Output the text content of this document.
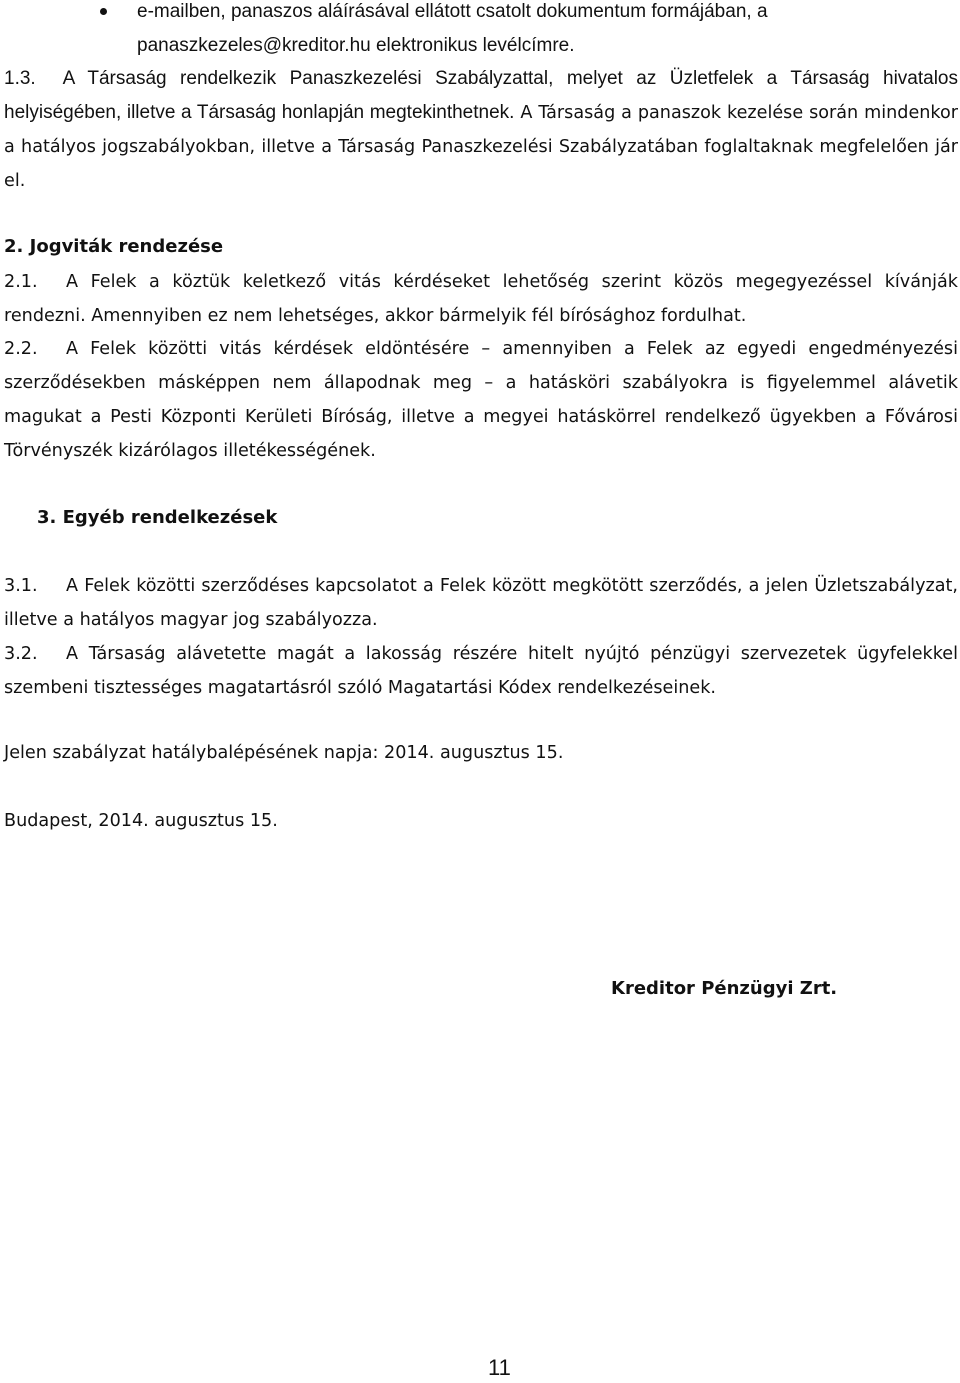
e-mailben, panaszos aláírásával ellátott csatolt dokumentum formájában, a
panaszkezeles@kreditor.hu elektronikus levélcímre.
1.3. A Társaság rendelkezik Panaszkezelési Szabályzattal, melyet az Üzletfelek a Társaság hivatalos helyiségében, illetve a Társaság honlapján megtekinthetnek. A Társaság a panaszok kezelése során mindenkor a hatályos jogszabályokban, illetve a Társaság Panaszkezelési Szabályzatában foglaltaknak megfelelően jár el.
2. Jogviták rendezése
2.1. A Felek a köztük keletkező vitás kérdéseket lehetőség szerint közös megegyezéssel kívánják rendezni. Amennyiben ez nem lehetséges, akkor bármelyik fél bírósághoz fordulhat.
2.2. A Felek közötti vitás kérdések eldöntésére – amennyiben a Felek az egyedi engedményezési szerződésekben másképpen nem állapodnak meg – a hatásköri szabályokra is figyelemmel alávetik magukat a Pesti Központi Kerületi Bíróság, illetve a megyei hatáskörrel rendelkező ügyekben a Fővárosi Törvényszék kizárólagos illetékességének.
3. Egyéb rendelkezések
3.1. A Felek közötti szerződéses kapcsolatot a Felek között megkötött szerződés, a jelen Üzletszabályzat, illetve a hatályos magyar jog szabályozza.
3.2. A Társaság alávetette magát a lakosság részére hitelt nyújtó pénzügyi szervezetek ügyfelekkel szembeni tisztességes magatartásról szóló Magatartási Kódex rendelkezéseinek.
Jelen szabályzat hatálybalépésének napja: 2014. augusztus 15.
Budapest, 2014. augusztus 15.
Kreditor Pénzügyi Zrt.
11
